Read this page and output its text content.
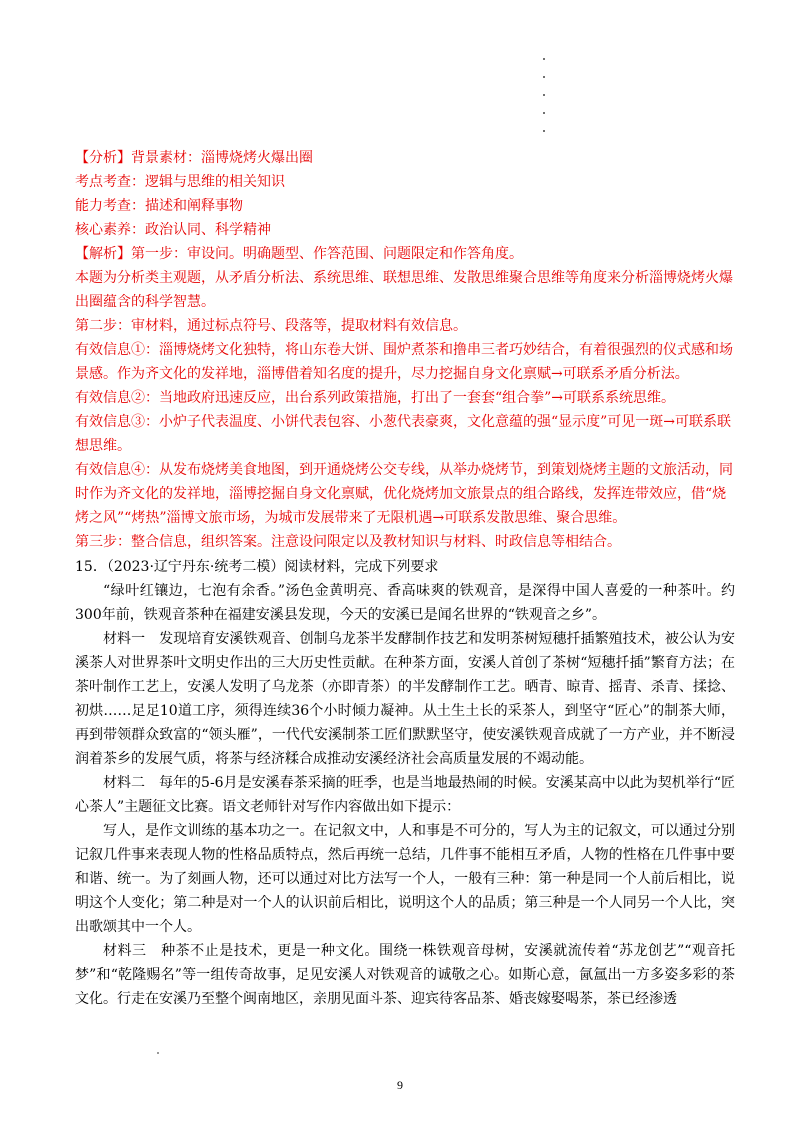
【分析】背景素材：淄博烧烤火爆出圈

考点考查：逻辑与思维的相关知识

能力考查：描述和阐释事物

核心素养：政治认同、科学精神

【解析】第一步：审设问。明确题型、作答范围、问题限定和作答角度。

本题为分析类主观题，从矛盾分析法、系统思维、联想思维、发散思维聚合思维等角度来分析淄博烧烤火爆出圈蕴含的科学智慧。

第二步：审材料，通过标点符号、段落等，提取材料有效信息。

有效信息①：淄博烧烤文化独特，将山东卷大饼、围炉煮茶和撸串三者巧妙结合，有着很强烈的仪式感和场景感。作为齐文化的发祥地，淄博借着知名度的提升，尽力挖掘自身文化禀赋→可联系矛盾分析法。

有效信息②：当地政府迅速反应，出台系列政策措施，打出了一套套“组合拳”→可联系系统思维。

有效信息③：小炉子代表温度、小饼代表包容、小葱代表豪爽，文化意蕴的强“显示度”可见一斑→可联系联想思维。

有效信息④：从发布烧烤美食地图，到开通烧烤公交专线，从举办烧烤节，到策划烧烤主题的文旅活动，同时作为齐文化的发祥地，淄博挖掘自身文化禀赋，优化烧烤加文旅景点的组合路线，发挥连带效应，借“烧烤之风”“烤热”淄博文旅市场，为城市发展带来了无限机遇→可联系发散思维、聚合思维。

第三步：整合信息，组织答案。注意设问限定以及教材知识与材料、时政信息等相结合。

15．（2023·辽宁丹东·统考二模）阅读材料，完成下列要求

“绿叶红镶边，七泡有余香。”汤色金黄明亮、香高味爽的铁观音，是深得中国人喜爱的一种茶叶。约300年前，铁观音茶种在福建安溪县发现，今天的安溪已是闻名世界的“铁观音之乡”。

材料一　发现培育安溪铁观音、创制乌龙茶半发酵制作技艺和发明茶树短穗扦插繁殖技术，被公认为安溪茶人对世界茶叶文明史作出的三大历史性贡献。在种茶方面，安溪人首创了茶树“短穗扦插”繁育方法；在茶叶制作工艺上，安溪人发明了乌龙茶（亦即青茶）的半发酵制作工艺。晒青、晾青、摇青、杀青、揉捻、初烘……足足10道工序，须得连续36个小时倾力凝神。从土生土长的采茶人，到坚守“匠心”的制茶大师，再到带领群众致富的“领头雁”，一代代安溪制茶工匠们默默坚守，使安溪铁观音成就了一方产业，并不断浸润着茶乡的发展气质，将茶与经济糅合成推动安溪经济社会高质量发展的不竭动能。

材料二　每年的5-6月是安溪春茶采摘的旺季，也是当地最热闹的时候。安溪某高中以此为契机举行“匠心茶人”主题征文比赛。语文老师针对写作内容做出如下提示：

写人，是作文训练的基本功之一。在记叙文中，人和事是不可分的，写人为主的记叙文，可以通过分别记叙几件事来表现人物的性格品质特点，然后再统一总结，几件事不能相互矛盾，人物的性格在几件事中要和谐、统一。为了刻画人物，还可以通过对比方法写一个人，一般有三种：第一种是同一个人前后相比，说明这个人变化；第二种是对一个人的认识前后相比，说明这个人的品质；第三种是一个人同另一个人比，突出歌颂其中一个人。

材料三　种茶不止是技术，更是一种文化。围绕一株铁观音母树，安溪就流传着“苏龙创艺”“观音托梦”和“乾隆赐名”等一组传奇故事，足见安溪人对铁观音的诚敬之心。如斯心意，氤氲出一方多姿多彩的茶文化。行走在安溪乃至整个闽南地区，亲朋见面斗茶、迎宾待客品茶、婚丧嫁娶喝茶，茶已经渗透

9
